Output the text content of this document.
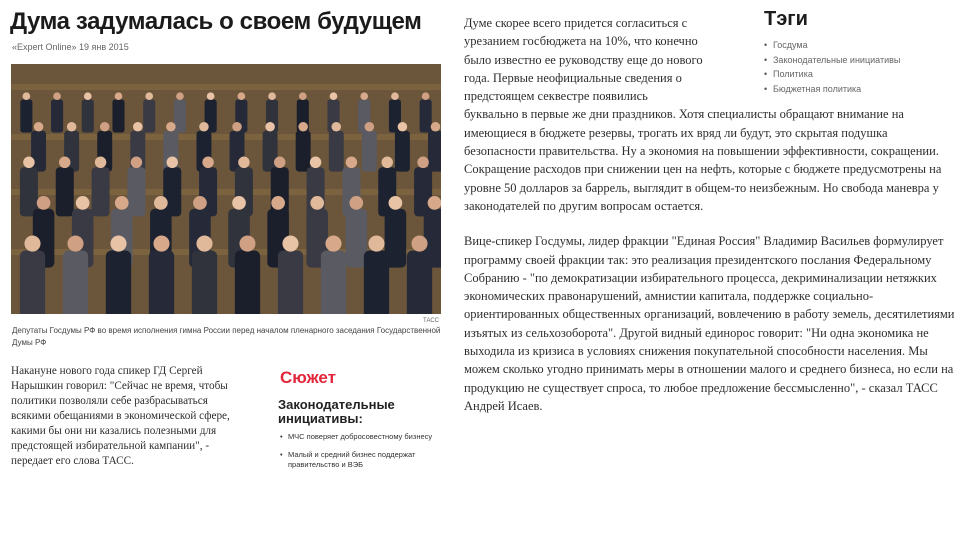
Дума задумалась о своем будущем
«Expert Online» 19 янв 2015
ТАСС
Депутаты Госдумы РФ во время исполнения гимна России перед началом пленарного заседания Государственной Думы РФ

Накануне нового года спикер ГД Сергей Нарышкин говорил: "Сейчас не время, чтобы политики позволяли себе разбрасываться всякими обещаниями в экономической сфере, какими бы они ни казались полезными для предстоящей избирательной кампании", - передает его слова ТАСС.

Сюжет
Законодательные инициативы:
• МЧС поверяет добросовестному бизнесу
• Малый и средний бизнес поддержат правительство и ВЭБ

Думе скорее всего придется согласиться с урезанием госбюджета на 10%, что конечно было известно ее руководству еще до нового года. Первые неофициальные сведения о предстоящем секвестре появились

буквально в первые же дни праздников. Хотя специалисты обращают внимание на имеющиеся в бюджете резервы, трогать их вряд ли будут, это скрытая подушка безопасности правительства. Ну а экономия на повышении эффективности, сокращении. Сокращение расходов при снижении цен на нефть, которые с бюджете предусмотрены на уровне 50 долларов за баррель, выглядит в общем-то неизбежным. Но свобода маневра у законодателей по другим вопросам остается.

Вице-спикер Госдумы, лидер фракции "Единая Россия" Владимир Васильев формулирует программу своей фракции так: это реализация президентского послания Федеральному Собранию - "по демократизации избирательного процесса, декриминализации нетяжких экономических правонарушений, амнистии капитала, поддержке социально-ориентированных общественных организаций, вовлечению в работу земель, десятилетиями изъятых из сельхозоборота". Другой видный единорос говорит: "Ни одна экономика не выходила из кризиса в условиях снижения покупательной способности населения. Мы можем сколько угодно принимать меры в отношении малого и среднего бизнеса, но если на продукцию не существует спроса, то любое предложение бессмысленно", - сказал ТАСС Андрей Исаев.

Тэги
• Госдума
• Законодательные инициативы
• Политика
• Бюджетная политика
